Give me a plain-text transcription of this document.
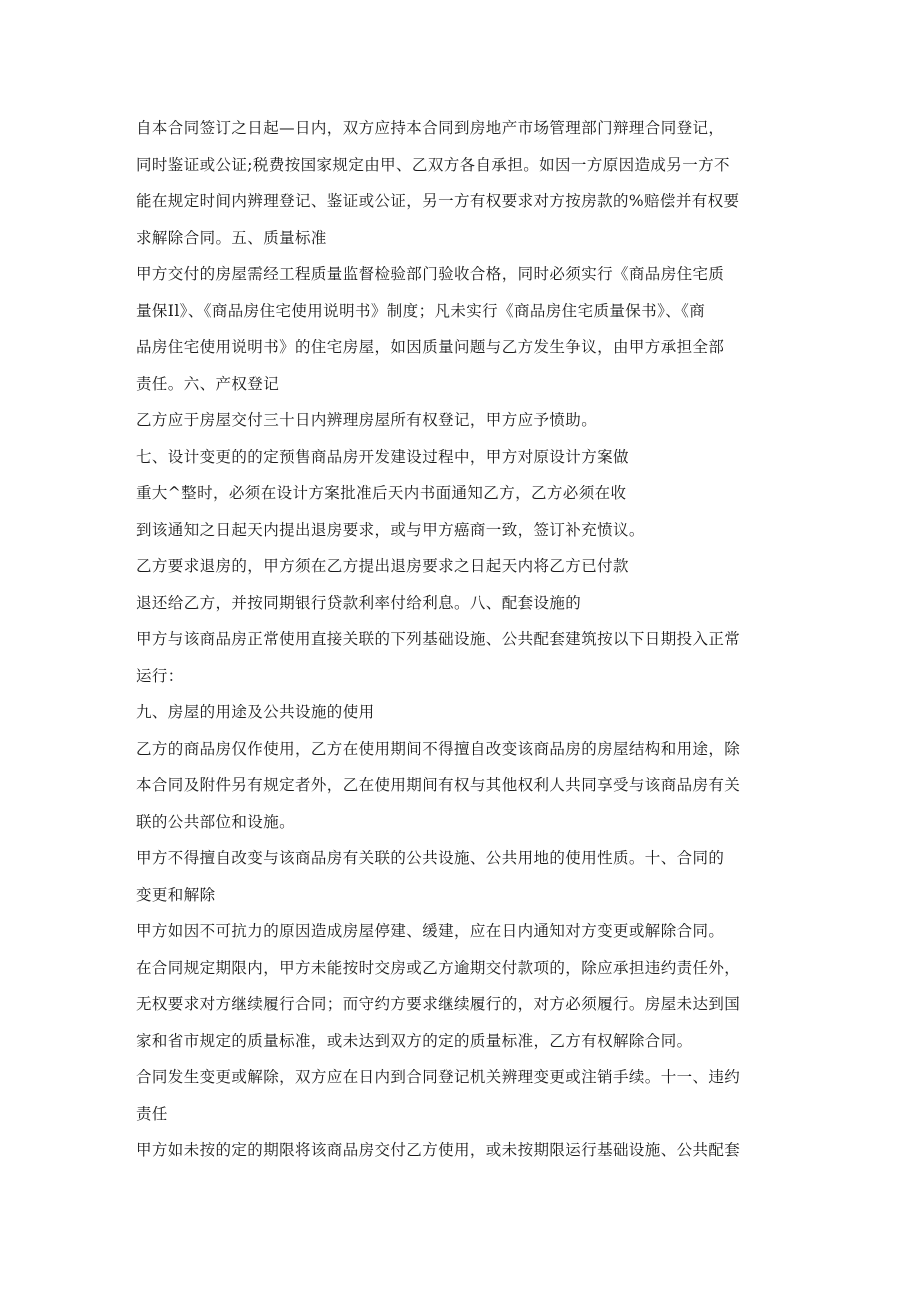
自本合同签订之日起—日内，双方应持本合同到房地产市场管理部门辩理合同登记，
同时鉴证或公证;税费按国家规定由甲、乙双方各自承担。如因一方原因造成另一方不
能在规定时间内辨理登记、鉴证或公证，另一方有权要求对方按房款的%赔偿并有权要
求解除合同。五、质量标准
甲方交付的房屋需经工程质量监督检验部门验收合格，同时必须实行《商品房住宅质
量保Il》、《商品房住宅使用说明书》制度；凡未实行《商品房住宅质量保书》、《商
品房住宅使用说明书》的住宅房屋，如因质量问题与乙方发生争议，由甲方承担全部
责任。六、产权登记
乙方应于房屋交付三十日内辨理房屋所有权登记，甲方应予愤助。
七、设计变更的的定预售商品房开发建设过程中，甲方对原设计方案做
重大^整时，必须在设计方案批准后天内书面通知乙方，乙方必须在收
到该通知之日起天内提出退房要求，或与甲方癌商一致，签订补充愤议。
乙方要求退房的，甲方须在乙方提出退房要求之日起天内将乙方已付款
退还给乙方，并按同期银行贷款利率付给利息。八、配套设施的
甲方与该商品房正常使用直接关联的下列基础设施、公共配套建筑按以下日期投入正常
运行：
九、房屋的用途及公共设施的使用
乙方的商品房仅作使用，乙方在使用期间不得擅自改变该商品房的房屋结构和用途，除
本合同及附件另有规定者外，乙在使用期间有权与其他权利人共同享受与该商品房有关
联的公共部位和设施。
甲方不得擅自改变与该商品房有关联的公共设施、公共用地的使用性质。十、合同的
变更和解除
甲方如因不可抗力的原因造成房屋停建、缓建，应在日内通知对方变更或解除合同。
在合同规定期限内，甲方未能按时交房或乙方逾期交付款项的，除应承担违约责任外，
无权要求对方继续履行合同；而守约方要求继续履行的，对方必须履行。房屋未达到国
家和省市规定的质量标准，或未达到双方的定的质量标准，乙方有权解除合同。
合同发生变更或解除，双方应在日内到合同登记机关辨理变更或注销手续。十一、违约
责任
甲方如未按的定的期限将该商品房交付乙方使用，或未按期限运行基础设施、公共配套
